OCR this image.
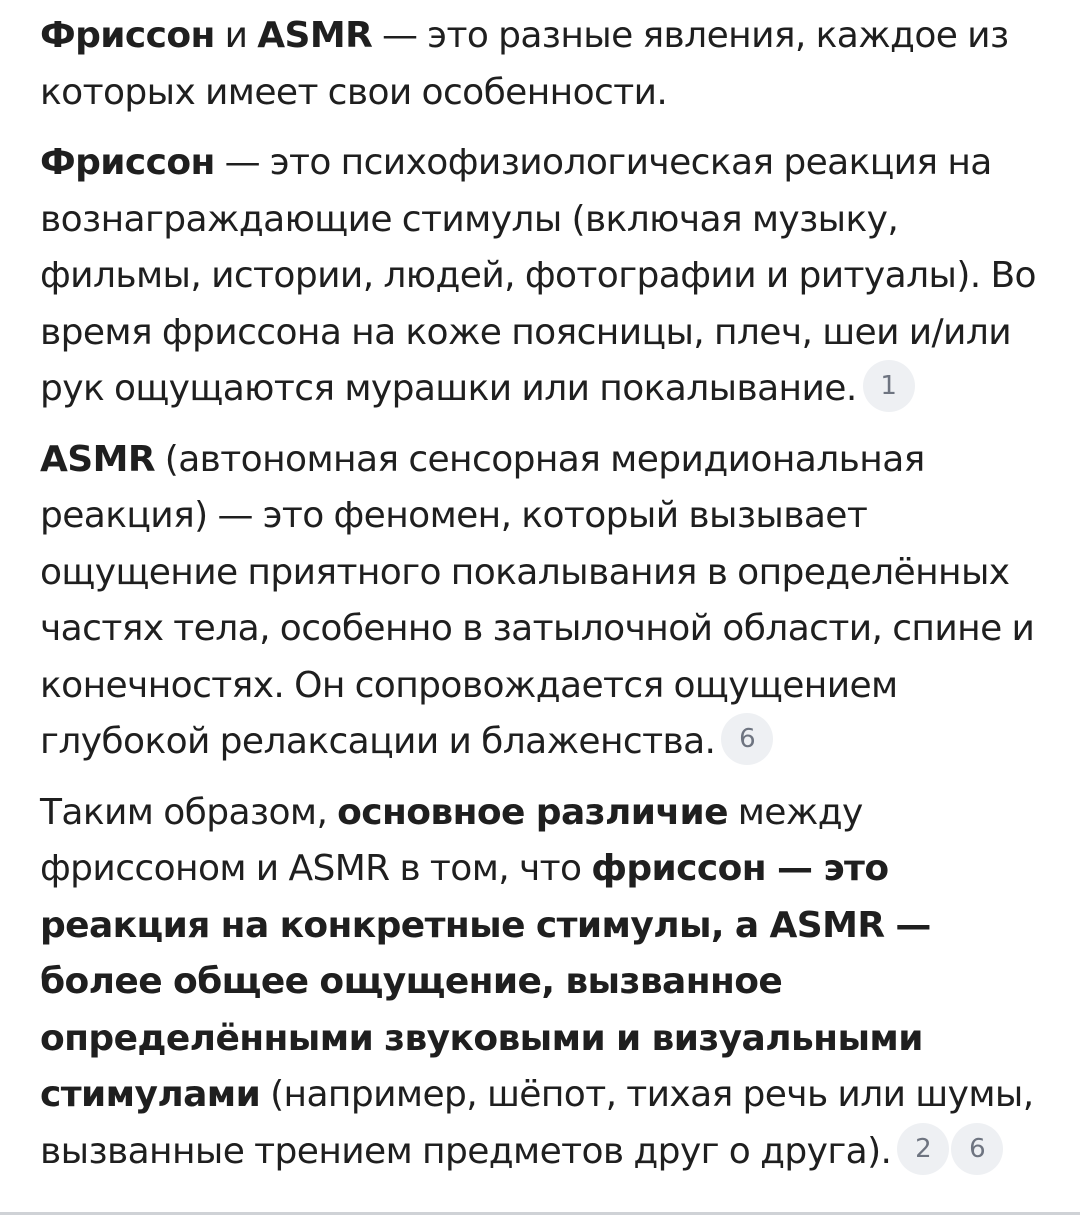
Фриссон и ASMR — это разные явления, каждое из которых имеет свои особенности.

Фриссон — это психофизиологическая реакция на вознаграждающие стимулы (включая музыку, фильмы, истории, людей, фотографии и ритуалы). Во время фриссона на коже поясницы, плеч, шеи и/или рук ощущаются мурашки или покалывание. 1

ASMR (автономная сенсорная меридиональная реакция) — это феномен, который вызывает ощущение приятного покалывания в определённых частях тела, особенно в затылочной области, спине и конечностях. Он сопровождается ощущением глубокой релаксации и блаженства. 6

Таким образом, основное различие между фриссоном и ASMR в том, что фриссон — это реакция на конкретные стимулы, а ASMR — более общее ощущение, вызванное определёнными звуковыми и визуальными стимулами (например, шёпот, тихая речь или шумы, вызванные трением предметов друг о друга). 2 6
